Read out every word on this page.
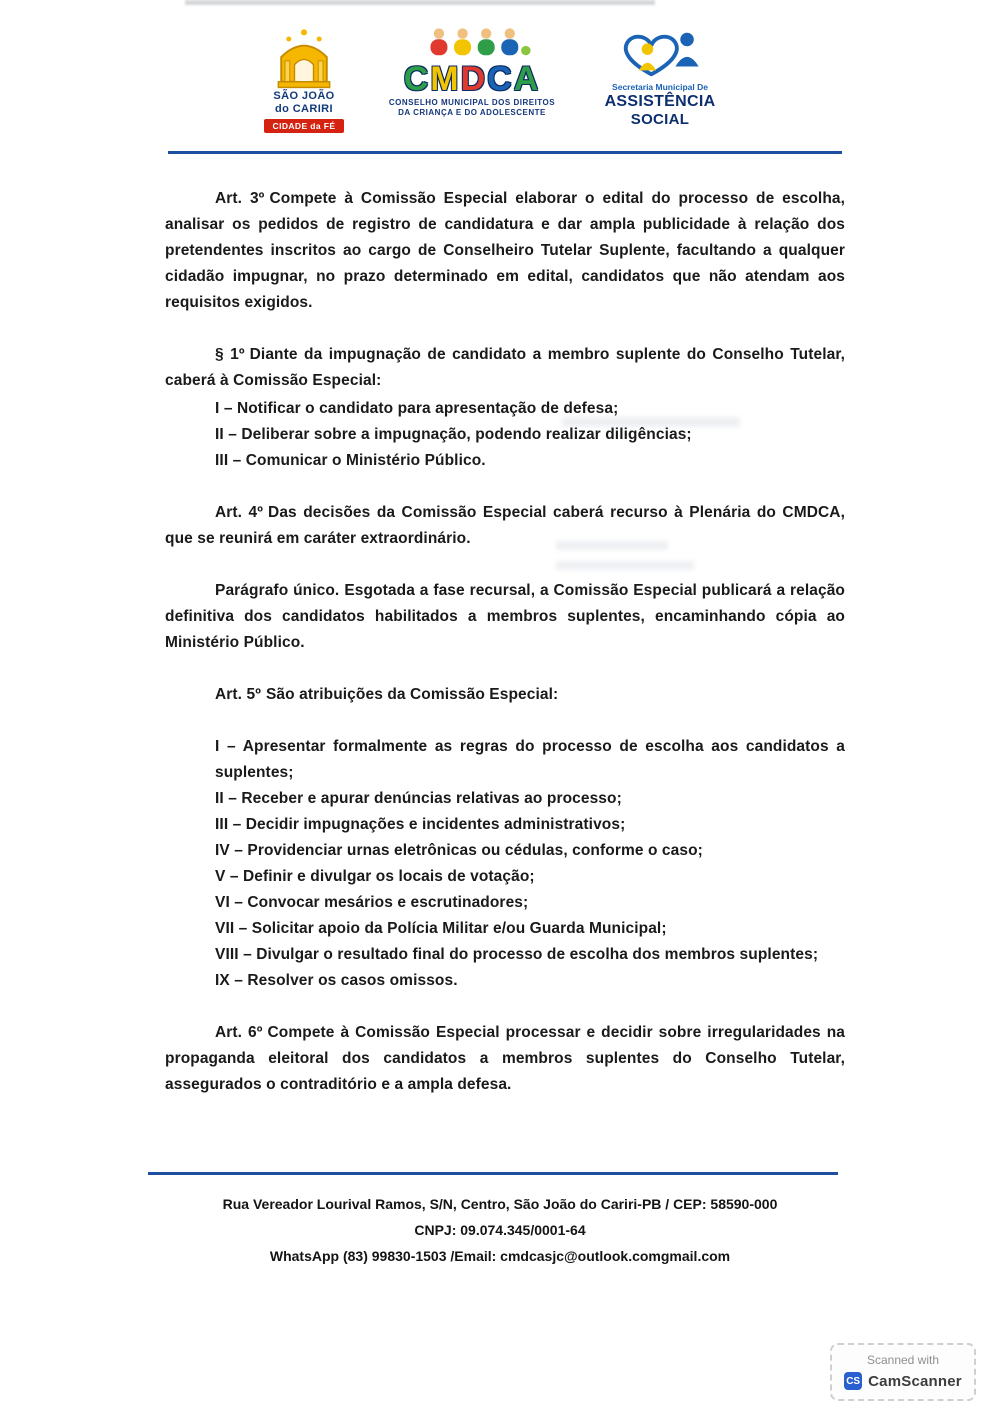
SÃO JOÃO
do CARIRI
CIDADE da FÉ
CMDCA
CONSELHO MUNICIPAL DOS DIREITOS
DA CRIANÇA E DO ADOLESCENTE
Secretaria Municipal De
ASSISTÊNCIA
SOCIAL

Art. 3º Compete à Comissão Especial elaborar o edital do processo de escolha, analisar os pedidos de registro de candidatura e dar ampla publicidade à relação dos pretendentes inscritos ao cargo de Conselheiro Tutelar Suplente, facultando a qualquer cidadão impugnar, no prazo determinado em edital, candidatos que não atendam aos requisitos exigidos.

§ 1º Diante da impugnação de candidato a membro suplente do Conselho Tutelar, caberá à Comissão Especial:

I – Notificar o candidato para apresentação de defesa;
II – Deliberar sobre a impugnação, podendo realizar diligências;
III – Comunicar o Ministério Público.

Art. 4º Das decisões da Comissão Especial caberá recurso à Plenária do CMDCA, que se reunirá em caráter extraordinário.

Parágrafo único. Esgotada a fase recursal, a Comissão Especial publicará a relação definitiva dos candidatos habilitados a membros suplentes, encaminhando cópia ao Ministério Público.

Art. 5º São atribuições da Comissão Especial:

I – Apresentar formalmente as regras do processo de escolha aos candidatos a suplentes;
II – Receber e apurar denúncias relativas ao processo;
III – Decidir impugnações e incidentes administrativos;
IV – Providenciar urnas eletrônicas ou cédulas, conforme o caso;
V – Definir e divulgar os locais de votação;
VI – Convocar mesários e escrutinadores;
VII – Solicitar apoio da Polícia Militar e/ou Guarda Municipal;
VIII – Divulgar o resultado final do processo de escolha dos membros suplentes;
IX – Resolver os casos omissos.

Art. 6º Compete à Comissão Especial processar e decidir sobre irregularidades na propaganda eleitoral dos candidatos a membros suplentes do Conselho Tutelar, assegurados o contraditório e a ampla defesa.

Rua Vereador Lourival Ramos, S/N, Centro, São João do Cariri-PB / CEP: 58590-000
CNPJ: 09.074.345/0001-64
WhatsApp (83) 99830-1503 /Email: cmdcasjc@outlook.comgmail.com
Scanned with
CS CamScanner
